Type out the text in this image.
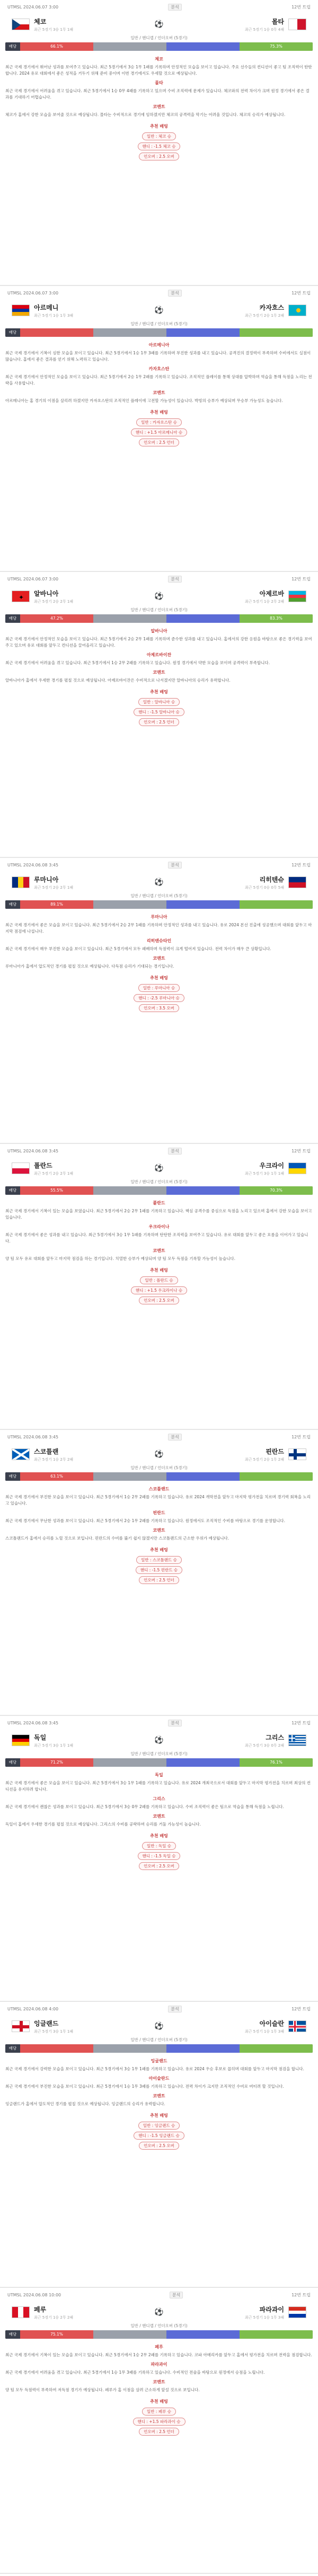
UTMSL 2024.06.07 3:00	분석	12번 트립
체코
최근 5경기 3승 1무 1패
⚽	몰타
최근 5경기 1승 0무 4패
일반 / 핸디캡 / 언더오버 (5경기)
배당	66.1%	75.3%
체코
최근 국제 경기에서 뛰어난 성과를 보여주고 있습니다. 최근 5경기에서 3승 1무 1패를 기록하며 안정적인 모습을 보이고 있습니다. 주요 선수들의 컨디션이 좋고 팀 조직력이 탄탄합니다. 2024 유로 대회에서 좋은 성적을 거두기 위해 준비 중이며 이번 경기에서도 우세할 것으로 예상됩니다.
몰타
최근 국제 경기에서 어려움을 겪고 있습니다. 최근 5경기에서 1승 0무 4패를 기록하고 있으며 수비 조직력에 문제가 있습니다. 체코와의 전력 차이가 크며 원정 경기에서 좋은 결과를 기대하기 어렵습니다.
코멘트
체코가 홈에서 강한 모습을 보여줄 것으로 예상됩니다. 몰타는 수비적으로 경기에 임하겠지만 체코의 공격력을 막기는 어려울 것입니다. 체코의 승리가 예상됩니다.
추천 배팅
일반 : 체코 승
핸디 : -1.5 체코 승
언오버 : 2.5 오버
UTMSL 2024.06.07 3:00	분석	12번 트립
아르메니
최근 5경기 1승 1무 3패
⚽	카자흐스
최근 5경기 2승 1무 2패
일반 / 핸디캡 / 언더오버 (5경기)
배당
아르메니아
최근 국제 경기에서 기복이 심한 모습을 보이고 있습니다. 최근 5경기에서 1승 1무 3패를 기록하며 부진한 성과를 내고 있습니다. 공격진의 결정력이 부족하며 수비에서도 실점이 많습니다. 홈에서 좋은 결과를 얻기 위해 노력하고 있습니다.
카자흐스탄
최근 국제 경기에서 안정적인 모습을 보이고 있습니다. 최근 5경기에서 2승 1무 2패를 기록하고 있습니다. 조직적인 플레이를 통해 상대를 압박하며 역습을 통해 득점을 노리는 전략을 사용합니다.
코멘트
아르메니아는 홈 경기의 이점을 살리려 하겠지만 카자흐스탄의 조직적인 플레이에 고전할 가능성이 있습니다. 박빙의 승부가 예상되며 무승부 가능성도 높습니다.
추천 배팅
일반 : 카자흐스탄 승
핸디 : +1.5 아르메니아 승
언오버 : 2.5 언더
UTMSL 2024.06.07 3:00	분석	12번 트립
✦
알바니아
최근 5경기 2승 2무 1패
⚽	아제르바
최근 5경기 1승 2무 2패
일반 / 핸디캡 / 언더오버 (5경기)
배당	47.2%	83.3%
알바니아
최근 국제 경기에서 안정적인 모습을 보이고 있습니다. 최근 5경기에서 2승 2무 1패를 기록하며 준수한 성과를 내고 있습니다. 홈에서의 강한 응원을 바탕으로 좋은 경기력을 보여주고 있으며 유로 대회를 앞두고 컨디션을 끌어올리고 있습니다.
아제르바이잔
최근 국제 경기에서 어려움을 겪고 있습니다. 최근 5경기에서 1승 2무 2패를 기록하고 있습니다. 원정 경기에서 약한 모습을 보이며 공격력이 부족합니다.
코멘트
알바니아가 홈에서 우세한 경기를 펼칠 것으로 예상됩니다. 아제르바이잔은 수비적으로 나서겠지만 알바니아의 승리가 유력합니다.
추천 배팅
일반 : 알바니아 승
핸디 : -1.5 알바니아 승
언오버 : 2.5 언더
UTMSL 2024.06.08 3:45	분석	12번 트립
루마니아
최근 5경기 2승 2무 1패
⚽	리히텐슈
최근 5경기 0승 0무 5패
일반 / 핸디캡 / 언더오버 (5경기)
배당	89.1%
루마니아
최근 국제 경기에서 좋은 모습을 보이고 있습니다. 최근 5경기에서 2승 2무 1패를 기록하며 안정적인 성과를 내고 있습니다. 유로 2024 본선 진출에 성공했으며 대회를 앞두고 마지막 점검에 나섭니다.
리히텐슈타인
최근 국제 경기에서 매우 부진한 모습을 보이고 있습니다. 최근 5경기에서 모두 패배하며 득점력이 크게 떨어져 있습니다. 전력 차이가 매우 큰 상황입니다.
코멘트
루마니아가 홈에서 압도적인 경기를 펼칠 것으로 예상됩니다. 다득점 승리가 기대되는 경기입니다.
추천 배팅
일반 : 루마니아 승
핸디 : -2.5 루마니아 승
언오버 : 3.5 오버
UTMSL 2024.06.08 3:45	분석	12번 트립
폴란드
최근 5경기 2승 2무 1패
⚽	우크라이
최근 5경기 3승 1무 1패
일반 / 핸디캡 / 언더오버 (5경기)
배당	55.5%	70.3%
폴란드
최근 국제 경기에서 기복이 있는 모습을 보였습니다. 최근 5경기에서 2승 2무 1패를 기록하고 있습니다. 핵심 공격수를 중심으로 득점을 노리고 있으며 홈에서 강한 모습을 보이고 있습니다.
우크라이나
최근 국제 경기에서 좋은 성과를 내고 있습니다. 최근 5경기에서 3승 1무 1패를 기록하며 탄탄한 조직력을 보여주고 있습니다. 유로 대회를 앞두고 좋은 흐름을 이어가고 있습니다.
코멘트
양 팀 모두 유로 대회를 앞두고 마지막 점검을 하는 경기입니다. 치열한 승부가 예상되며 양 팀 모두 득점을 기록할 가능성이 높습니다.
추천 배팅
일반 : 폴란드 승
핸디 : +1.5 우크라이나 승
언오버 : 2.5 오버
UTMSL 2024.06.08 3:45	분석	12번 트립
스코틀랜
최근 5경기 1승 2무 2패
⚽	핀란드
최근 5경기 2승 1무 2패
일반 / 핸디캡 / 언더오버 (5경기)
배당	63.1%
스코틀랜드
최근 국제 경기에서 부진한 모습을 보이고 있습니다. 최근 5경기에서 1승 2무 2패를 기록하고 있습니다. 유로 2024 개막전을 앞두고 마지막 평가전을 치르며 경기력 회복을 노리고 있습니다.
핀란드
최근 국제 경기에서 무난한 성과를 보이고 있습니다. 최근 5경기에서 2승 1무 2패를 기록하고 있습니다. 원정에서도 조직적인 수비를 바탕으로 경기를 운영합니다.
코멘트
스코틀랜드가 홈에서 승리를 노릴 것으로 보입니다. 핀란드의 수비를 뚫기 쉽지 않겠지만 스코틀랜드의 근소한 우위가 예상됩니다.
추천 배팅
일반 : 스코틀랜드 승
핸디 : -1.5 핀란드 승
언오버 : 2.5 언더
UTMSL 2024.06.08 3:45	분석	12번 트립
독일
최근 5경기 3승 1무 1패
⚽	그리스
최근 5경기 3승 0무 2패
일반 / 핸디캡 / 언더오버 (5경기)
배당	71.2%	76.1%
독일
최근 국제 경기에서 좋은 모습을 보이고 있습니다. 최근 5경기에서 3승 1무 1패를 기록하고 있습니다. 유로 2024 개최국으로서 대회를 앞두고 마지막 평가전을 치르며 최상의 컨디션을 유지하려 합니다.
그리스
최근 국제 경기에서 괜찮은 성과를 보이고 있습니다. 최근 5경기에서 3승 0무 2패를 기록하고 있습니다. 수비 조직력이 좋은 팀으로 역습을 통해 득점을 노립니다.
코멘트
독일이 홈에서 우세한 경기를 펼칠 것으로 예상됩니다. 그리스의 수비를 공략하며 승리를 거둘 가능성이 높습니다.
추천 배팅
일반 : 독일 승
핸디 : -1.5 독일 승
언오버 : 2.5 오버
UTMSL 2024.06.08 4:00	분석	12번 트립
잉글랜드
최근 5경기 3승 1무 1패
⚽	아이슬란
최근 5경기 1승 1무 3패
일반 / 핸디캡 / 언더오버 (5경기)
배당
잉글랜드
최근 국제 경기에서 강력한 모습을 보이고 있습니다. 최근 5경기에서 3승 1무 1패를 기록하고 있습니다. 유로 2024 우승 후보로 꼽히며 대회를 앞두고 마지막 점검을 합니다.
아이슬란드
최근 국제 경기에서 부진한 모습을 보이고 있습니다. 최근 5경기에서 1승 1무 3패를 기록하고 있습니다. 전력 차이가 크지만 조직적인 수비로 버티려 할 것입니다.
코멘트
잉글랜드가 홈에서 압도적인 경기를 펼칠 것으로 예상됩니다. 잉글랜드의 승리가 유력합니다.
추천 배팅
일반 : 잉글랜드 승
핸디 : -1.5 잉글랜드 승
언오버 : 2.5 오버
UTMSL 2024.06.08 10:00	분석	12번 트립
페루
최근 5경기 1승 2무 2패
⚽	파라과이
최근 5경기 1승 1무 3패
일반 / 핸디캡 / 언더오버 (5경기)
배당	75.1%
페루
최근 국제 경기에서 기복이 있는 모습을 보이고 있습니다. 최근 5경기에서 1승 2무 2패를 기록하고 있습니다. 코파 아메리카를 앞두고 홈에서 평가전을 치르며 전력을 점검합니다.
파라과이
최근 국제 경기에서 어려움을 겪고 있습니다. 최근 5경기에서 1승 1무 3패를 기록하고 있습니다. 수비적인 전술을 바탕으로 원정에서 승점을 노립니다.
코멘트
양 팀 모두 득점력이 부족하여 저득점 경기가 예상됩니다. 페루가 홈 이점을 살려 근소하게 앞설 것으로 보입니다.
추천 배팅
일반 : 페루 승
핸디 : +1.5 파라과이 승
언오버 : 2.5 언더
